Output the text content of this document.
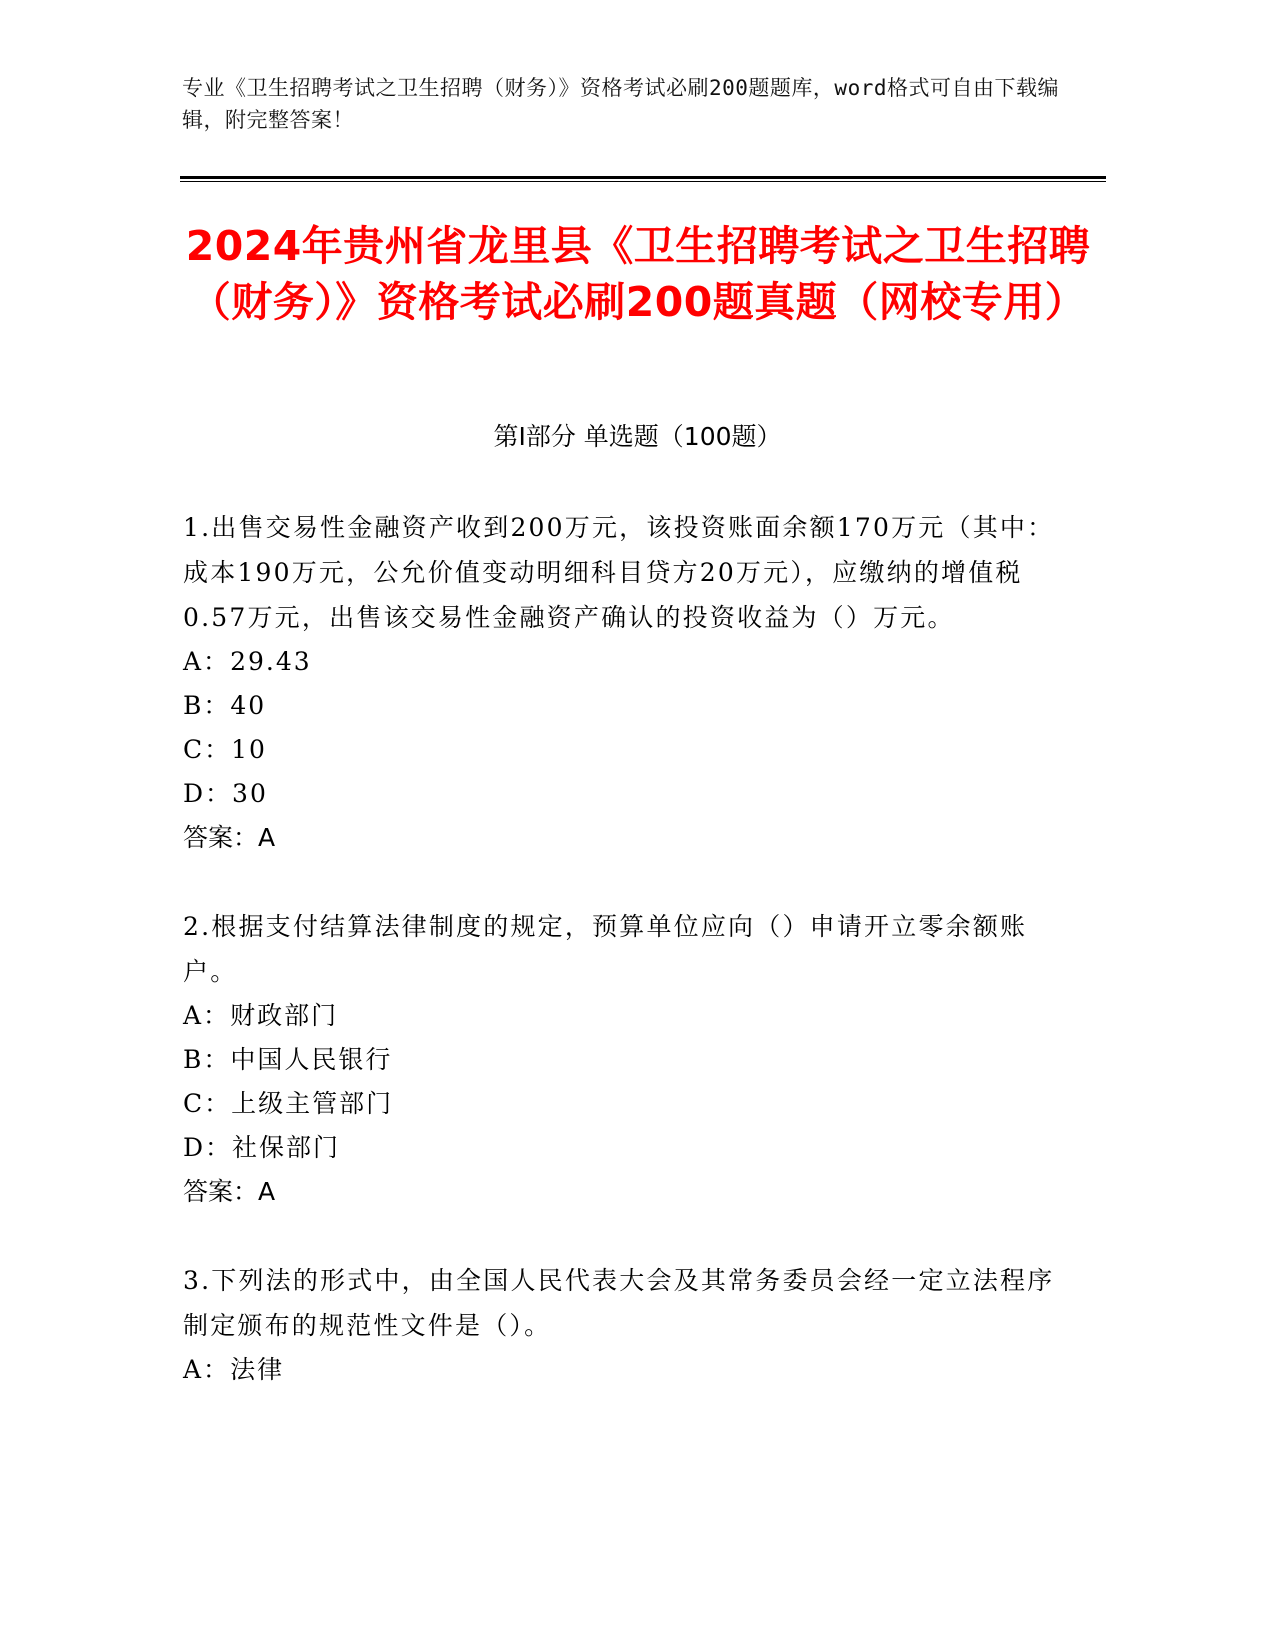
专业《卫生招聘考试之卫生招聘（财务）》资格考试必刷200题题库，word格式可自由下载编辑，附完整答案！
2024年贵州省龙里县《卫生招聘考试之卫生招聘（财务）》资格考试必刷200题真题（网校专用）
第Ⅰ部分 单选题（100题）

1.出售交易性金融资产收到200万元，该投资账面余额170万元（其中：成本190万元，公允价值变动明细科目贷方20万元），应缴纳的增值税0.57万元，出售该交易性金融资产确认的投资收益为（）万元。

A：29.43

B：40

C：10

D：30

答案：A

2.根据支付结算法律制度的规定，预算单位应向（）申请开立零余额账户。

A：财政部门

B：中国人民银行

C：上级主管部门

D：社保部门

答案：A

3.下列法的形式中，由全国人民代表大会及其常务委员会经一定立法程序制定颁布的规范性文件是（）。

A：法律
